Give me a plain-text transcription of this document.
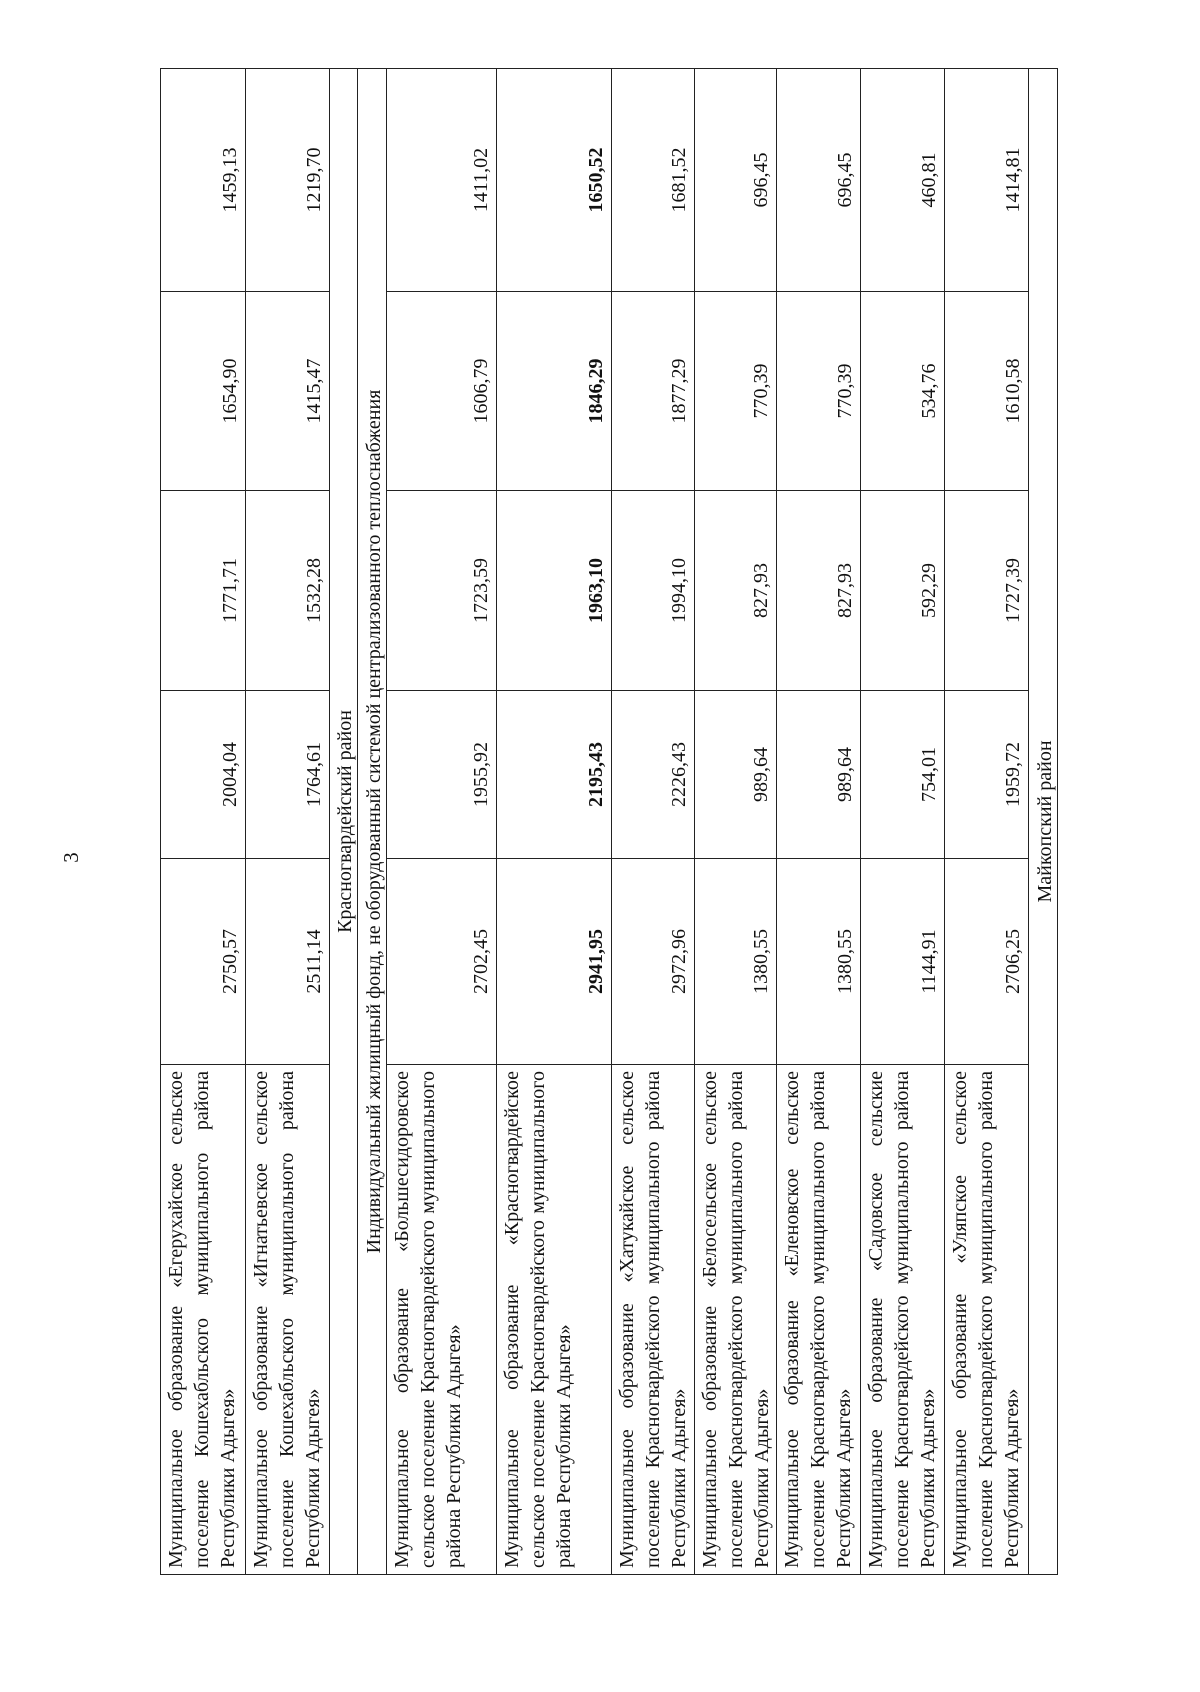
3
Муниципальное образование «Егерухайское сельское поселение Кошехабльского муниципального района Республики Адыгея»	2750,57	2004,04	1771,71	1654,90	1459,13
Муниципальное образование «Игнатьевское сельское поселение Кошехабльского муниципального района Республики Адыгея»	2511,14	1764,61	1532,28	1415,47	1219,70
Красногвардейский район					
Индивидуальный жилищный фонд, не оборудованный системой централизованного теплоснабжения					
Муниципальное образование «Большесидоровское сельское поселение Красногвардейского муниципального района Республики Адыгея»	2702,45	1955,92	1723,59	1606,79	1411,02
Муниципальное образование «Красногвардейское сельское поселение Красногвардейского муниципального района Республики Адыгея»	2941,95	2195,43	1963,10	1846,29	1650,52
Муниципальное образование «Хатукайское сельское поселение Красногвардейского муниципального района Республики Адыгея»	2972,96	2226,43	1994,10	1877,29	1681,52
Муниципальное образование «Белосельское сельское поселение Красногвардейского муниципального района Республики Адыгея»	1380,55	989,64	827,93	770,39	696,45
Муниципальное образование «Еленовское сельское поселение Красногвардейского муниципального района Республики Адыгея»	1380,55	989,64	827,93	770,39	696,45
Муниципальное образование «Садовское сельские поселение Красногвардейского муниципального района Республики Адыгея»	1144,91	754,01	592,29	534,76	460,81
Муниципальное образование «Уляпское сельское поселение Красногвардейского муниципального района Республики Адыгея»	2706,25	1959,72	1727,39	1610,58	1414,81
Майкопский район					
